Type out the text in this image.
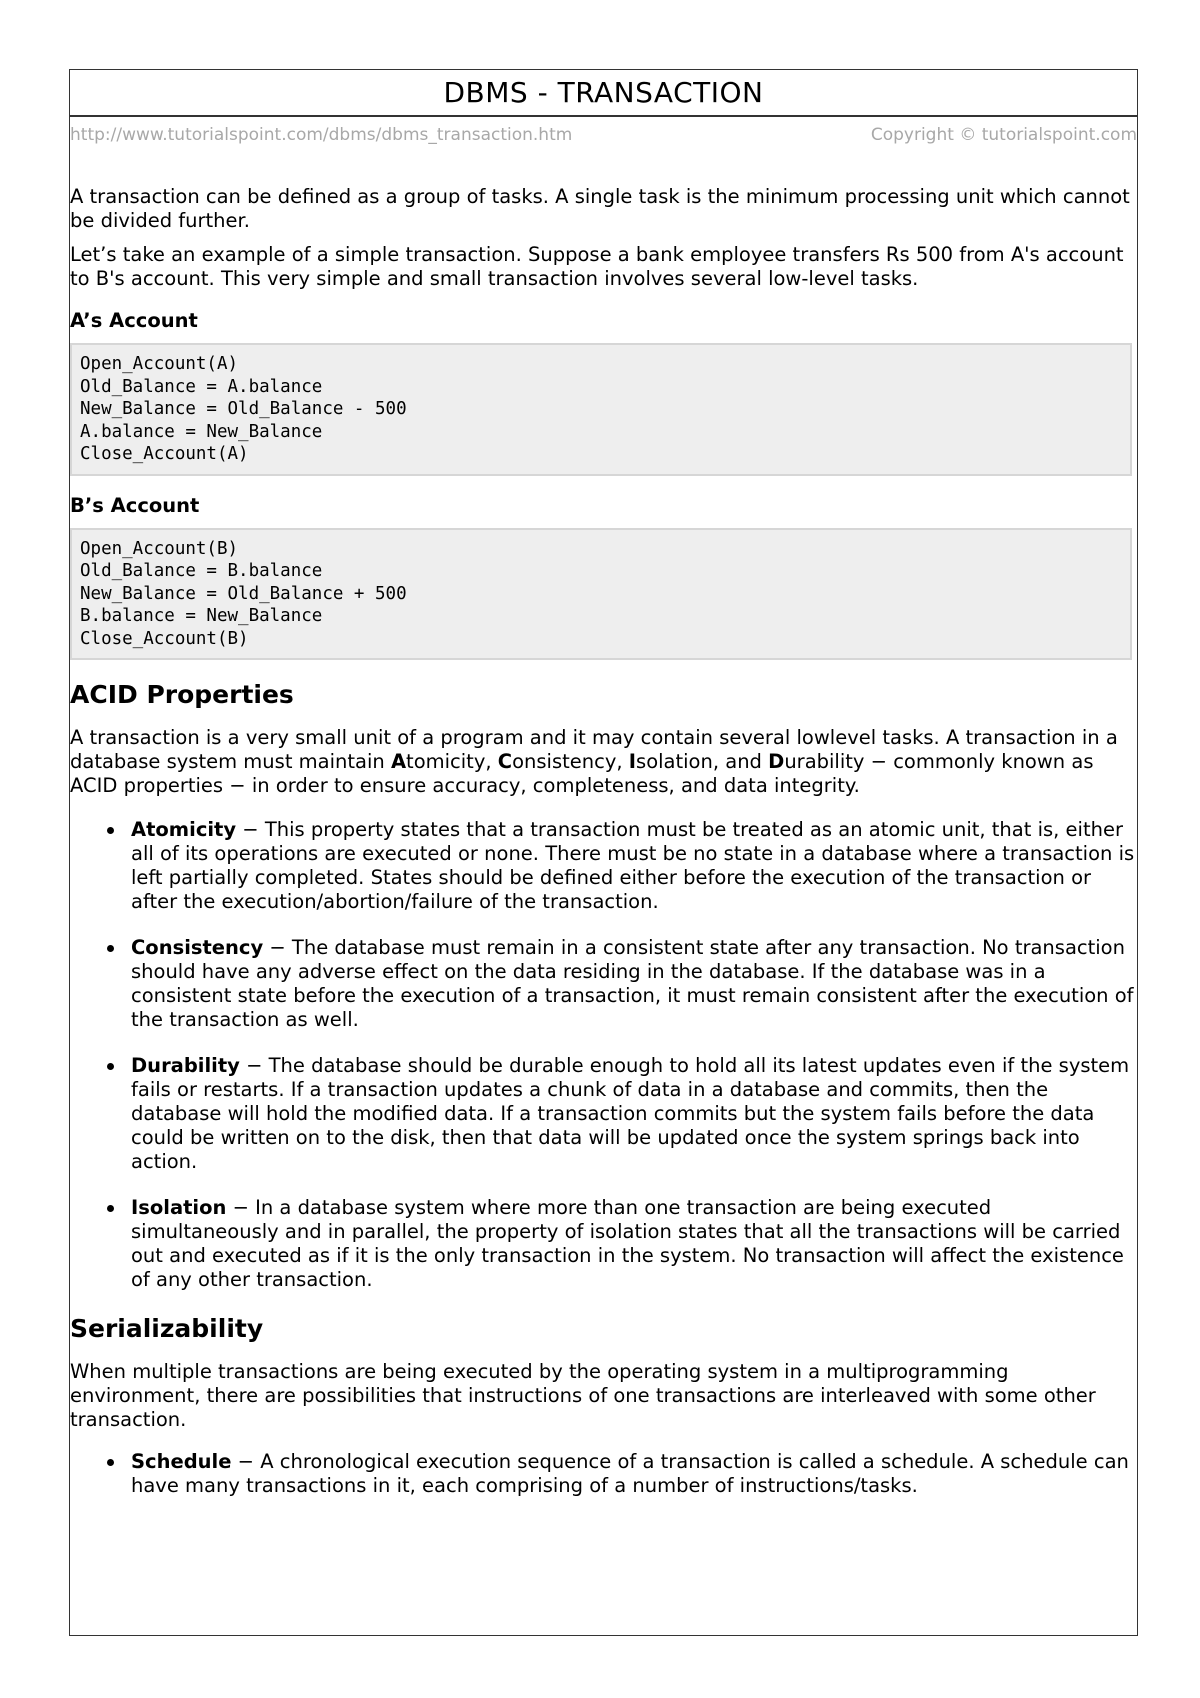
DBMS - TRANSACTION
http://www.tutorialspoint.com/dbms/dbms_transaction.htm	Copyright © tutorialspoint.com

A transaction can be defined as a group of tasks. A single task is the minimum processing unit which cannot be divided further.

Let’s take an example of a simple transaction. Suppose a bank employee transfers Rs 500 from A's account to B's account. This very simple and small transaction involves several low-level tasks.

A’s Account
Open_Account(A)
Old_Balance = A.balance
New_Balance = Old_Balance - 500
A.balance = New_Balance
Close_Account(A)
B’s Account
Open_Account(B)
Old_Balance = B.balance
New_Balance = Old_Balance + 500
B.balance = New_Balance
Close_Account(B)
ACID Properties

A transaction is a very small unit of a program and it may contain several lowlevel tasks. A transaction in a database system must maintain Atomicity, Consistency, Isolation, and Durability − commonly known as ACID properties − in order to ensure accuracy, completeness, and data integrity.

Atomicity − This property states that a transaction must be treated as an atomic unit, that is, either all of its operations are executed or none. There must be no state in a database where a transaction is left partially completed. States should be defined either before the execution of the transaction or after the execution/abortion/failure of the transaction.
Consistency − The database must remain in a consistent state after any transaction. No transaction should have any adverse effect on the data residing in the database. If the database was in a consistent state before the execution of a transaction, it must remain consistent after the execution of the transaction as well.
Durability − The database should be durable enough to hold all its latest updates even if the system fails or restarts. If a transaction updates a chunk of data in a database and commits, then the database will hold the modified data. If a transaction commits but the system fails before the data could be written on to the disk, then that data will be updated once the system springs back into action.
Isolation − In a database system where more than one transaction are being executed simultaneously and in parallel, the property of isolation states that all the transactions will be carried out and executed as if it is the only transaction in the system. No transaction will affect the existence of any other transaction.
Serializability

When multiple transactions are being executed by the operating system in a multiprogramming environment, there are possibilities that instructions of one transactions are interleaved with some other transaction.

Schedule − A chronological execution sequence of a transaction is called a schedule. A schedule can have many transactions in it, each comprising of a number of instructions/tasks.
